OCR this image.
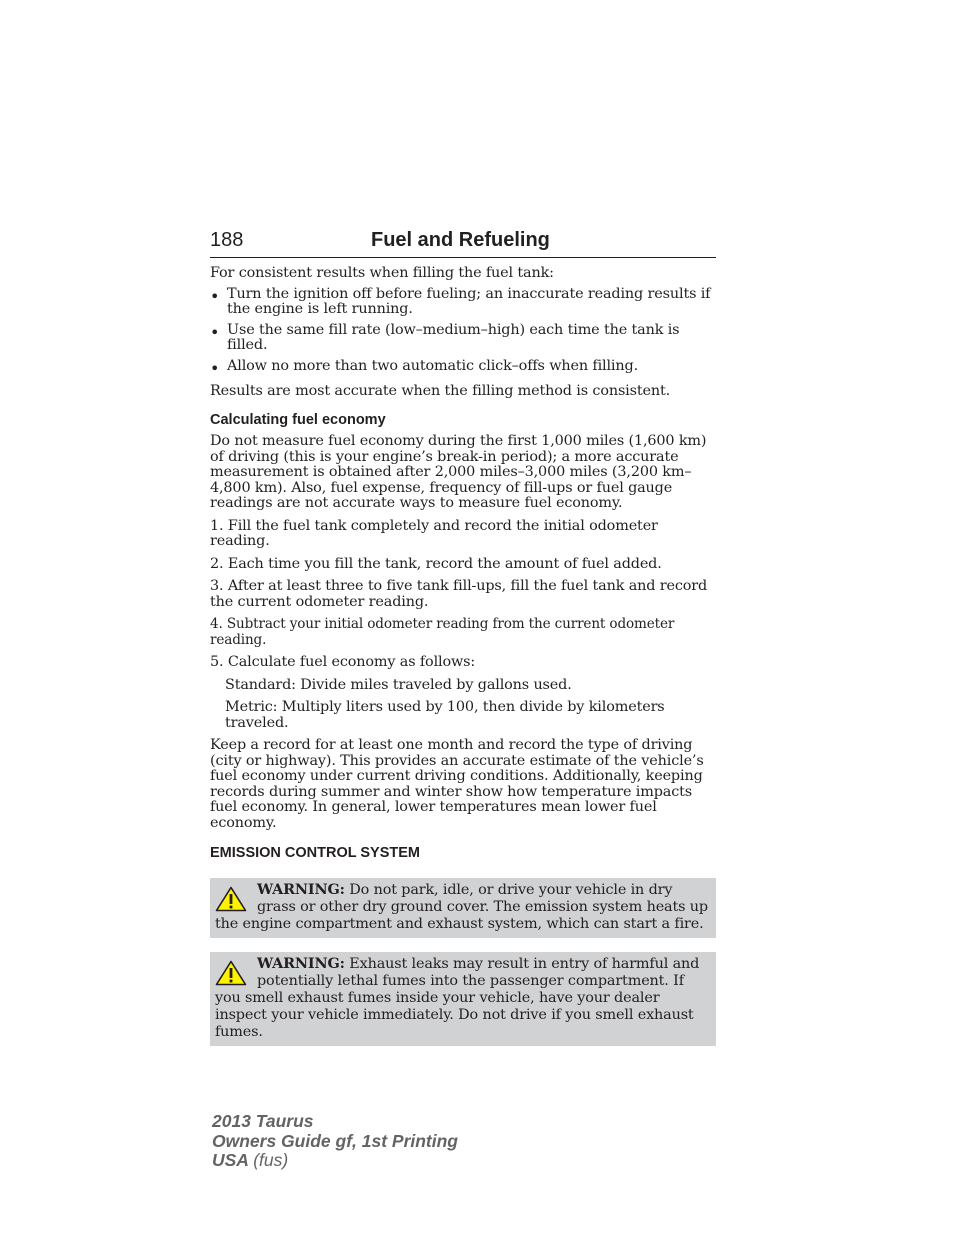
188	Fuel and Refueling

For consistent results when filling the fuel tank:

• Turn the ignition off before fueling; an inaccurate reading results if the engine is left running.

• Use the same fill rate (low–medium–high) each time the tank is filled.

• Allow no more than two automatic click–offs when filling.

Results are most accurate when the filling method is consistent.

Calculating fuel economy

Do not measure fuel economy during the first 1,000 miles (1,600 km) of driving (this is your engine’s break-in period); a more accurate measurement is obtained after 2,000 miles–3,000 miles (3,200 km–4,800 km). Also, fuel expense, frequency of fill-ups or fuel gauge readings are not accurate ways to measure fuel economy.

1. Fill the fuel tank completely and record the initial odometer reading.

2. Each time you fill the tank, record the amount of fuel added.

3. After at least three to five tank fill-ups, fill the fuel tank and record the current odometer reading.

4. Subtract your initial odometer reading from the current odometer reading.

5. Calculate fuel economy as follows:

Standard: Divide miles traveled by gallons used.

Metric: Multiply liters used by 100, then divide by kilometers traveled.

Keep a record for at least one month and record the type of driving (city or highway). This provides an accurate estimate of the vehicle’s fuel economy under current driving conditions. Additionally, keeping records during summer and winter show how temperature impacts fuel economy. In general, lower temperatures mean lower fuel economy.

EMISSION CONTROL SYSTEM

WARNING: Do not park, idle, or drive your vehicle in dry grass or other dry ground cover. The emission system heats up the engine compartment and exhaust system, which can start a fire.

WARNING: Exhaust leaks may result in entry of harmful and potentially lethal fumes into the passenger compartment. If you smell exhaust fumes inside your vehicle, have your dealer inspect your vehicle immediately. Do not drive if you smell exhaust fumes.

2013 Taurus
Owners Guide gf, 1st Printing
USA (fus)
